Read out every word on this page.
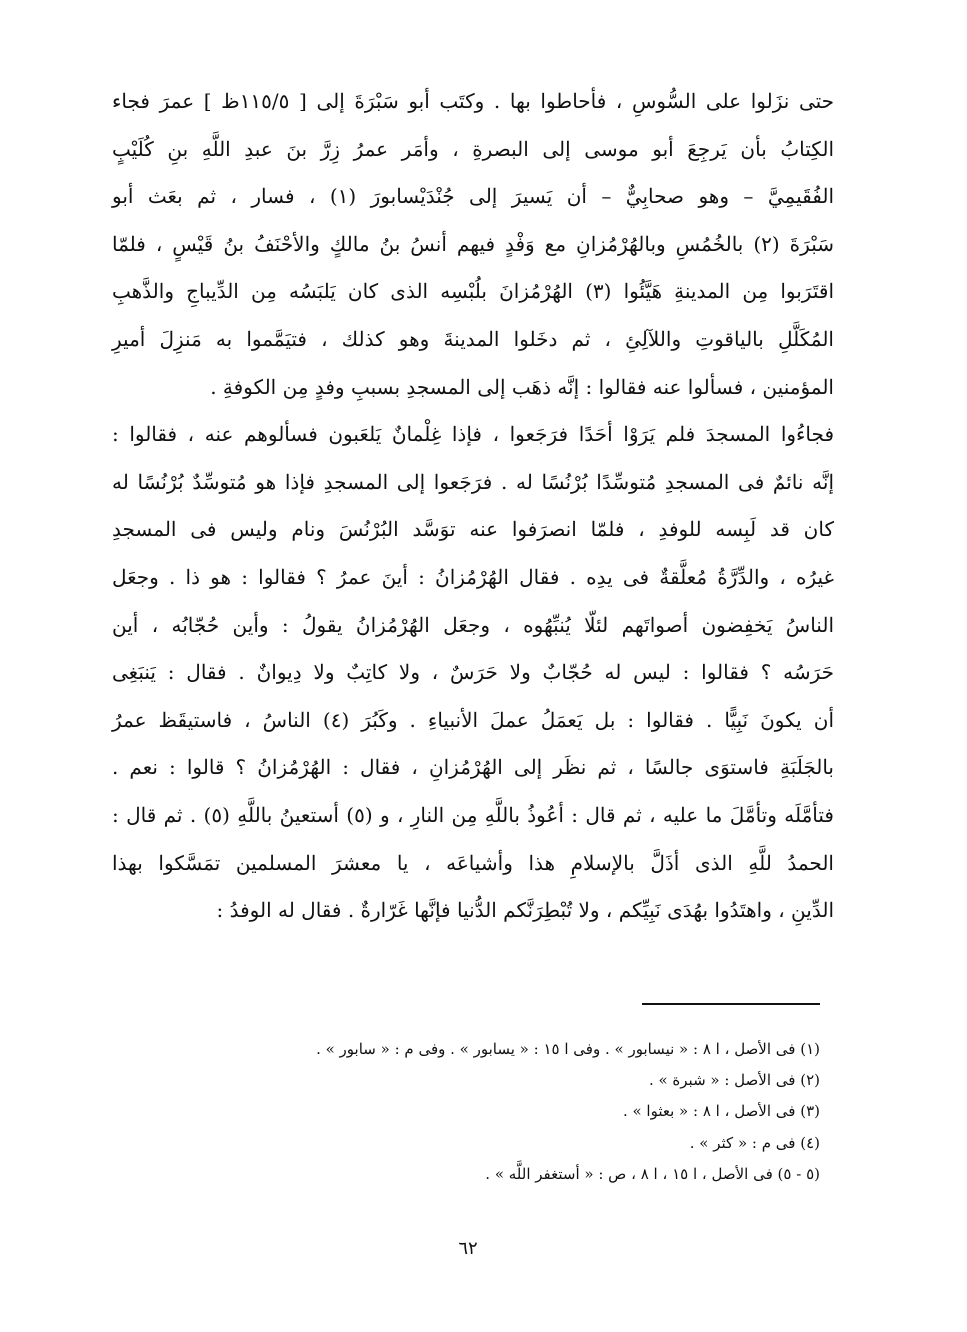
حتى نزَلوا على السُّوسِ ، فأحاطوا بها . وكتَب أبو سَبْرَةَ إلى [ ١١٥/٥ظ ] عمرَ فجاء
الكِتابُ بأن يَرجِعَ أبو موسى إلى البصرةِ ، وأمَر عمرُ زِرَّ بنَ عبدِ اللَّهِ بنِ كُلَيْبٍ
الفُقَيمِيَّ – وهو صحابِيٌّ – أن يَسيرَ إلى جُنْدَيْسابورَ (١) ، فسار ، ثم بعَث أبو
سَبْرَةَ (٢) بالخُمُسِ وبالهُرْمُزانِ مع وَفْدٍ فيهم أنسُ بنُ مالكٍ والأحْنَفُ بنُ قَيْسٍ ، فلمّا
اقتَرَبوا مِن المدينةِ هَيَّئُوا (٣) الهُرْمُزانَ بلُبْسِه الذى كان يَلبَسُه مِن الدِّيباجِ والذَّهبِ
المُكَلَّلِ بالياقوتِ واللآلِئِ ، ثم دخَلوا المدينةَ وهو كذلك ، فتيَمَّموا به مَنزِلَ أميرِ
المؤمنين ، فسألوا عنه فقالوا : إنَّه ذهَب إلى المسجدِ بسببِ وفدٍ مِن الكوفةِ .
فجاءُوا المسجدَ فلم يَرَوْا أحَدًا فرَجَعوا ، فإذا غِلْمانٌ يَلعَبون فسألوهم عنه ، فقالوا :
إنَّه نائمٌ فى المسجدِ مُتوسِّدًا بُرْنُسًا له . فرَجَعوا إلى المسجدِ فإذا هو مُتوسِّدٌ بُرْنُسًا له
كان قد لَبِسه للوفدِ ، فلمّا انصرَفوا عنه توَسَّد البُرْنُسَ ونام وليس فى المسجدِ
غيرُه ، والدِّرَّةُ مُعلَّقةٌ فى يدِه . فقال الهُرْمُزانُ : أينَ عمرُ ؟ فقالوا : هو ذا . وجعَل
الناسُ يَخفِضون أصواتَهم لئلّا يُنبِّهُوه ، وجعَل الهُرْمُزانُ يقولُ : وأين حُجّابُه ، أين
حَرَسُه ؟ فقالوا : ليس له حُجّابٌ ولا حَرَسٌ ، ولا كاتِبٌ ولا دِيوانٌ . فقال : يَنبَغِى
أن يكونَ نَبِيًّا . فقالوا : بل يَعمَلُ عملَ الأنبياءِ . وكَبُرَ (٤) الناسُ ، فاستيقَظ عمرُ
بالجَلَبَةِ فاستوَى جالسًا ، ثم نظَر إلى الهُرْمُزانِ ، فقال : الهُرْمُزانُ ؟ قالوا : نعم .
فتأمَّلَه وتأمَّلَ ما عليه ، ثم قال : أعُوذُ باللَّهِ مِن النارِ ، و (٥) أستعينُ باللَّهِ (٥) . ثم قال :
الحمدُ للَّهِ الذى أذَلَّ بالإسلامِ هذا وأشياعَه ، يا معشرَ المسلمين تمَسَّكوا بهذا
الدِّينِ ، واهتَدُوا بهُدَى نَبِيِّكم ، ولا تُبْطِرَنَّكم الدُّنيا فإنَّها غَرّارةٌ . فقال له الوفدُ :
(١) فى الأصل ، ا ٨ : « نيسابور » . وفى ا ١٥ : « يسابور » . وفى م : « سابور » .
(٢) فى الأصل : « شبرة » .
(٣) فى الأصل ، ا ٨ : « بعثوا » .
(٤) فى م : « كثر » .
(٥ - ٥) فى الأصل ، ا ١٥ ، ا ٨ ، ص : « أستغفر اللَّه » .
٦٢
